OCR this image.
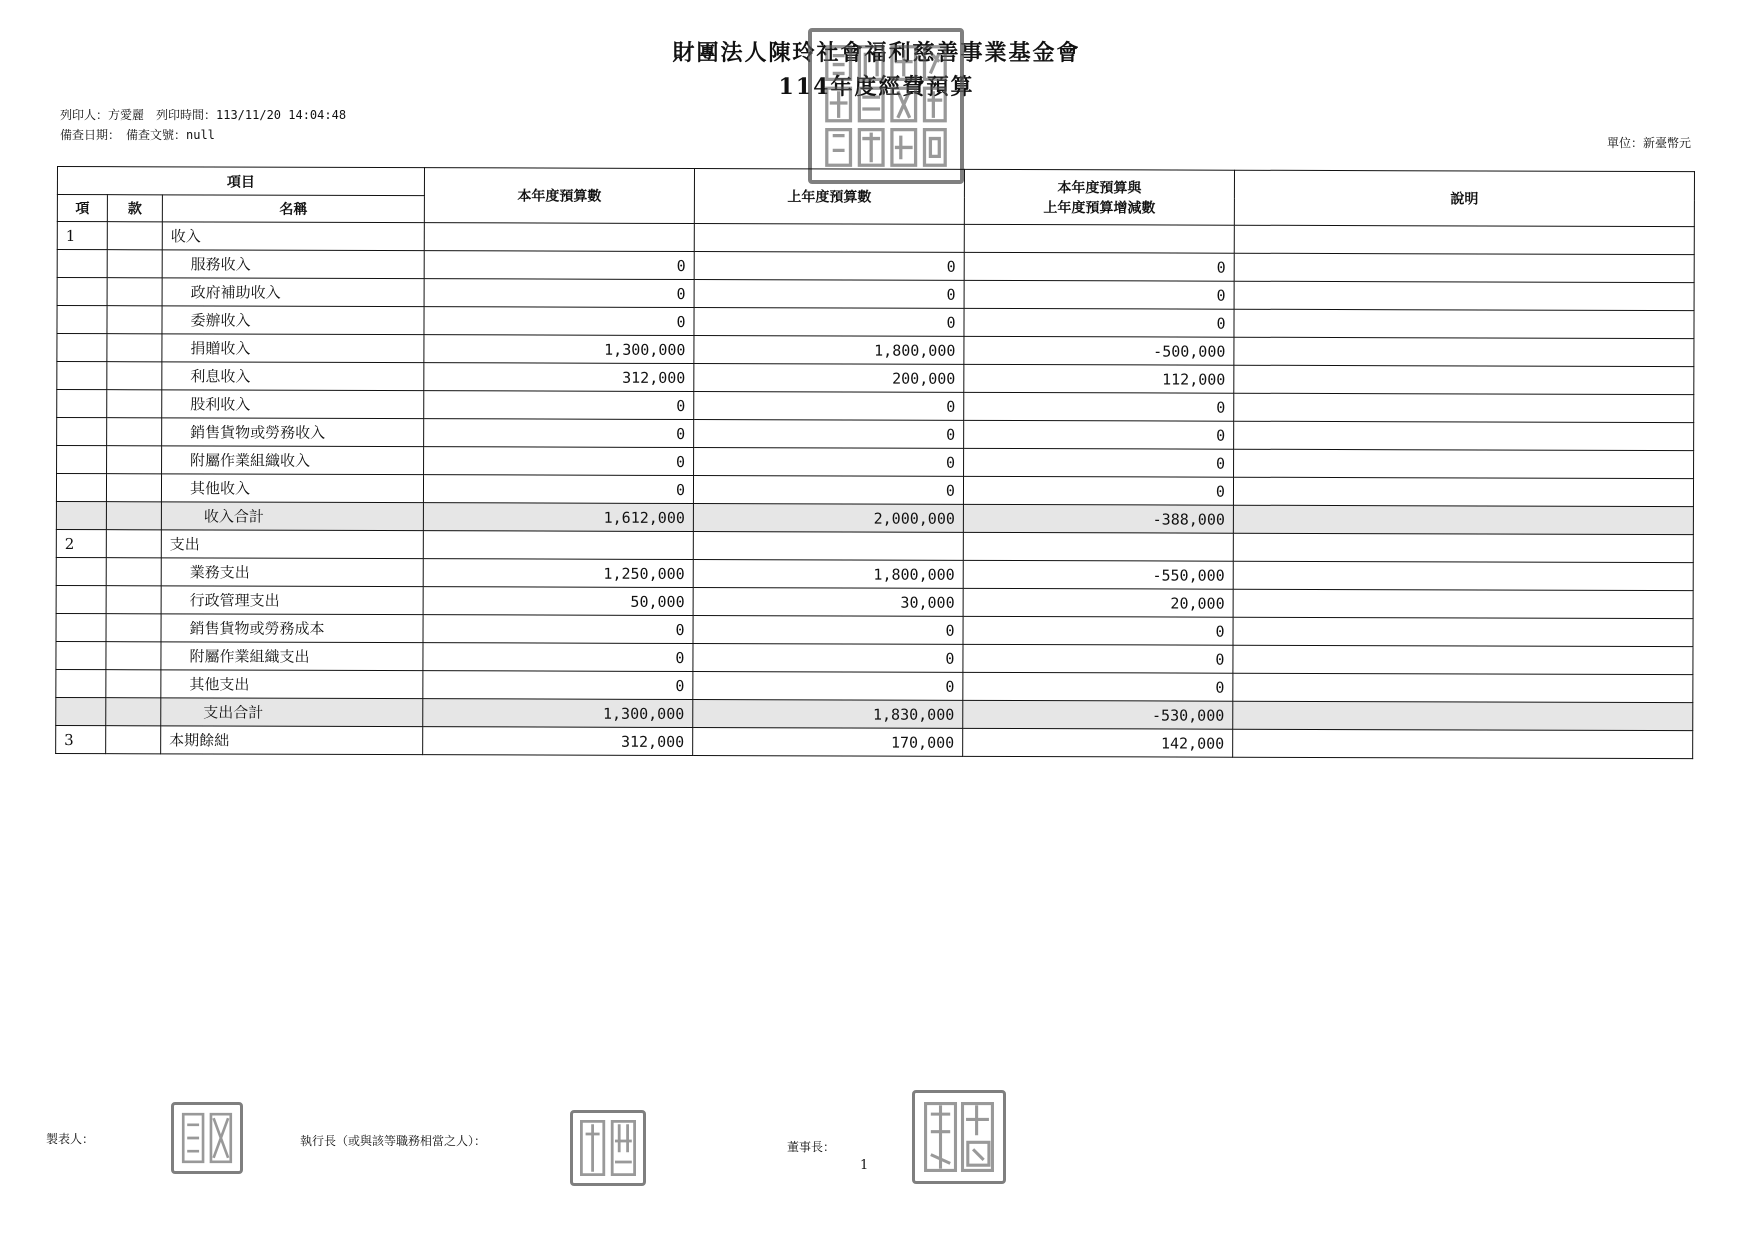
財團法人陳玲社會福利慈善事業基金會
114年度經費預算
列印人：方愛麗　列印時間：113/11/20 14:04:48
備查日期：　備查文號：null
單位：新臺幣元
項目			本年度預算數	上年度預算數	本年度預算與
上年度預算增減數	說明
項	款	名稱				
1		收入				
		服務收入	0	0	0	
		政府補助收入	0	0	0	
		委辦收入	0	0	0	
		捐贈收入	1,300,000	1,800,000	-500,000	
		利息收入	312,000	200,000	112,000	
		股利收入	0	0	0	
		銷售貨物或勞務收入	0	0	0	
		附屬作業組織收入	0	0	0	
		其他收入	0	0	0	
		收入合計	1,612,000	2,000,000	-388,000	
2		支出				
		業務支出	1,250,000	1,800,000	-550,000	
		行政管理支出	50,000	30,000	20,000	
		銷售貨物或勞務成本	0	0	0	
		附屬作業組織支出	0	0	0	
		其他支出	0	0	0	
		支出合計	1,300,000	1,830,000	-530,000	
3		本期餘絀	312,000	170,000	142,000	
製表人：	執行長（或與該等職務相當之人）：	董事長：
1
